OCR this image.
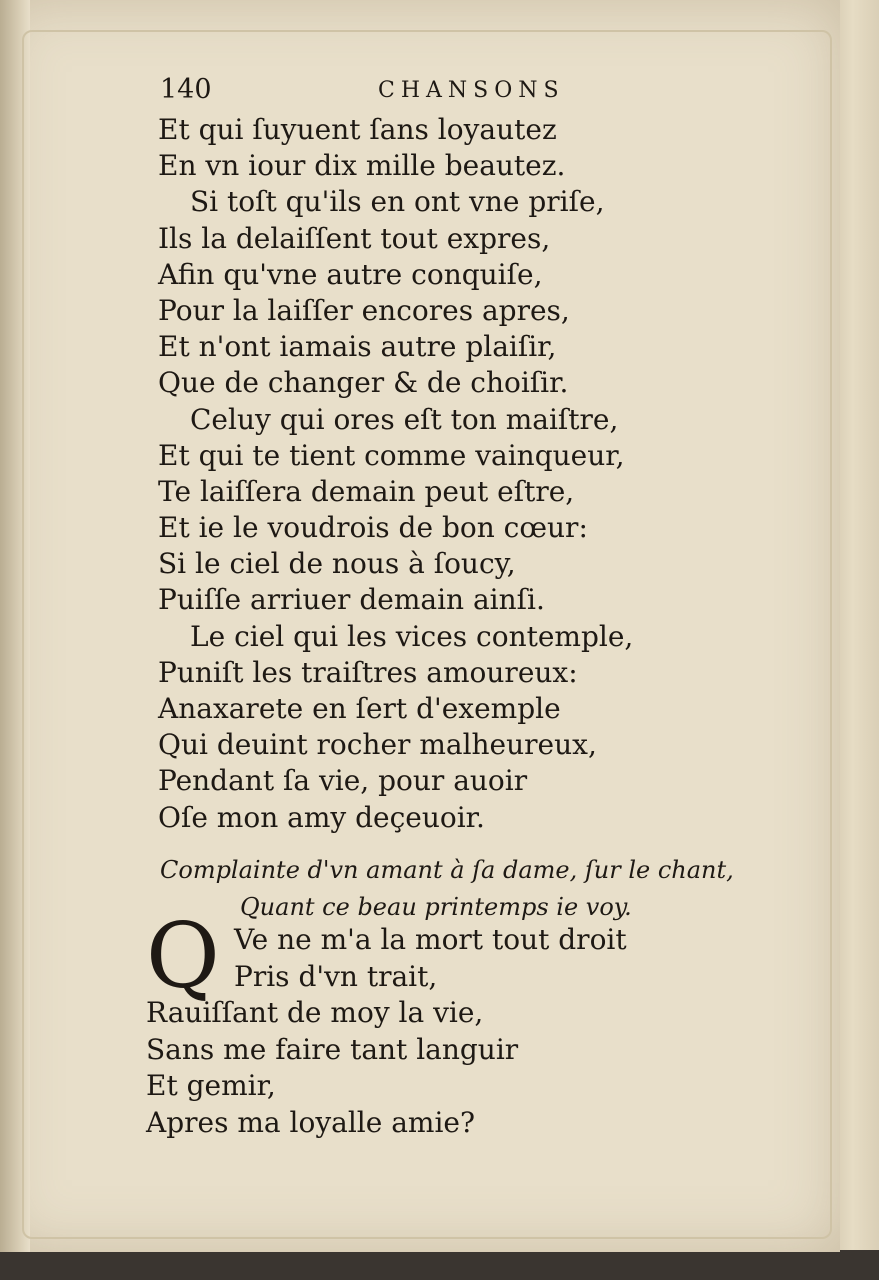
140	CHANSONS
Et qui ſuyuent ſans loyautez
En vn iour dix mille beautez.
Si toſt qu'ils en ont vne priſe,
Ils la delaiſſent tout expres,
Afin qu'vne autre conquiſe,
Pour la laiſſer encores apres,
Et n'ont iamais autre plaiſir,
Que de changer & de choiſir.
Celuy qui ores eſt ton maiſtre,
Et qui te tient comme vainqueur,
Te laiſſera demain peut eſtre,
Et ie le voudrois de bon cœur:
Si le ciel de nous à ſoucy,
Puiſſe arriuer demain ainſi.
Le ciel qui les vices contemple,
Puniſt les traiſtres amoureux:
Anaxarete en ſert d'exemple
Qui deuint rocher malheureux,
Pendant ſa vie, pour auoir
Oſe mon amy deçeuoir.
Complainte d'vn amant à ſa dame, ſur le chant,
Quant ce beau printemps ie voy.
Q Ve ne m'a la mort tout droit
Pris d'vn trait,
Rauiſſant de moy la vie,
Sans me faire tant languir
Et gemir,
Apres ma loyalle amie?
